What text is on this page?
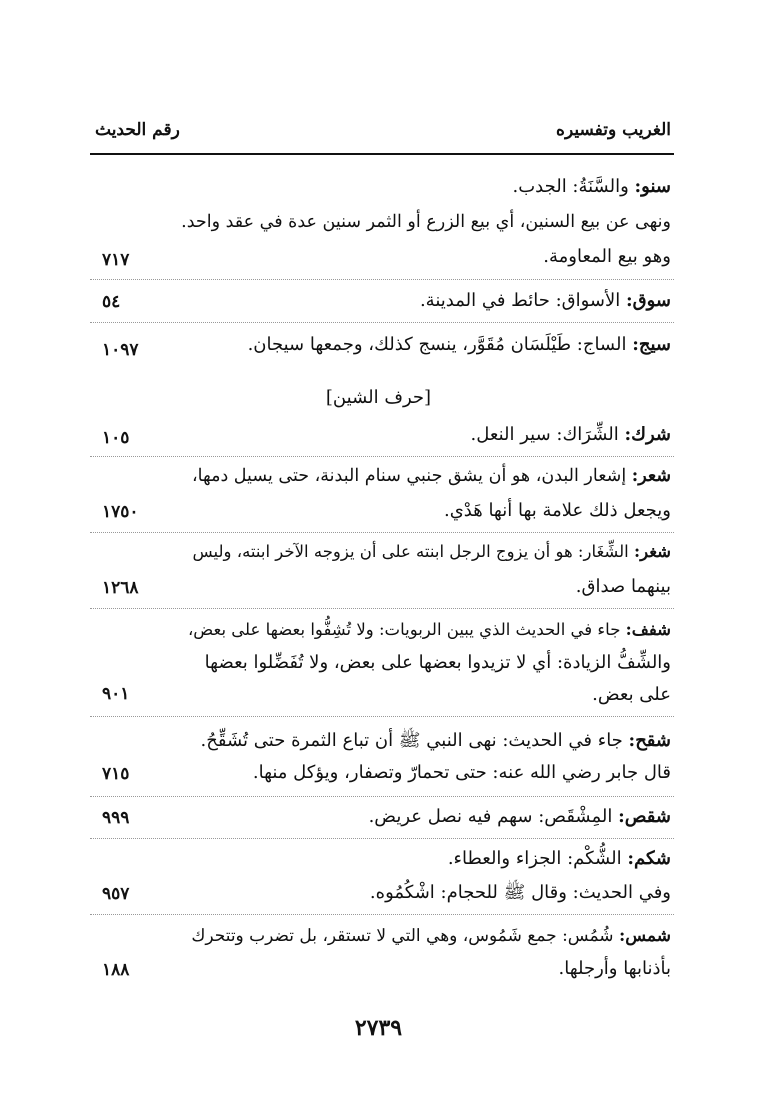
الغريب وتفسيره
رقم الحديث
سنو: والسَّنَةُ: الجدب.
ونهى عن بيع السنين، أي بيع الزرع أو الثمر سنين عدة في عقد واحد.
وهو بيع المعاومة.
٧١٧
سوق: الأسواق: حائط في المدينة.
٥٤
سيج: الساج: طَيْلَسَان مُقَوَّر، ينسج كذلك، وجمعها سيجان.
١٠٩٧
[حرف الشين]
شرك: الشِّرَاك: سير النعل.
١٠٥
شعر: إشعار البدن، هو أن يشق جنبي سنام البدنة، حتى يسيل دمها،
ويجعل ذلك علامة بها أنها هَدْي.
١٧٥٠
شغر: الشِّغَار: هو أن يزوج الرجل ابنته على أن يزوجه الآخر ابنته، وليس
بينهما صداق.
١٢٦٨
شفف: جاء في الحديث الذي يبين الربويات: ولا تُشِفُّوا بعضها على بعض،
والشِّفُّ الزيادة: أي لا تزيدوا بعضها على بعض، ولا تُفَضِّلوا بعضها
على بعض.
٩٠١
شقح: جاء في الحديث: نهى النبي ﷺ أن تباع الثمرة حتى تُشَقِّحُ.
قال جابر رضي الله عنه: حتى تحمارّ وتصفار، ويؤكل منها.
٧١٥
شقص: المِشْقَص: سهم فيه نصل عريض.
٩٩٩
شكم: الشُّكْم: الجزاء والعطاء.
وفي الحديث: وقال ﷺ للحجام: اشْكُمُوه.
٩٥٧
شمس: شُمُس: جمع شَمُوس، وهي التي لا تستقر، بل تضرب وتتحرك
بأذنابها وأرجلها.
١٨٨
٢٧٣٩
